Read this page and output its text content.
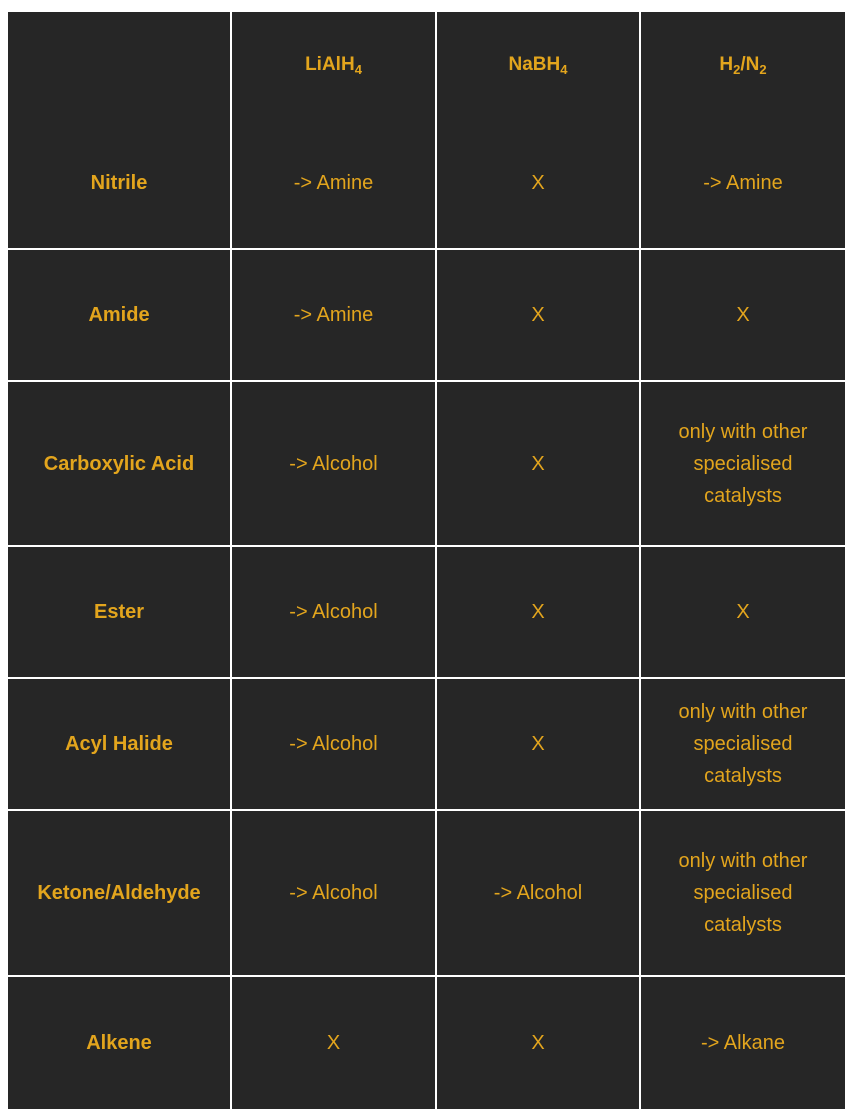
	LiAlH$_4$	NaBH$_4$	$H_2/N_2$
Nitrile	-> Amine	X	-> Amine
Amide	-> Amine	X	X
Carboxylic Acid	-> Alcohol	X	only with other
specialised
catalysts
Ester	-> Alcohol	X	X
Acyl Halide	-> Alcohol	X	only with other
specialised
catalysts
Ketone/Aldehyde	-> Alcohol	-> Alcohol	only with other
specialised
catalysts
Alkene	X	X	-> Alkane
